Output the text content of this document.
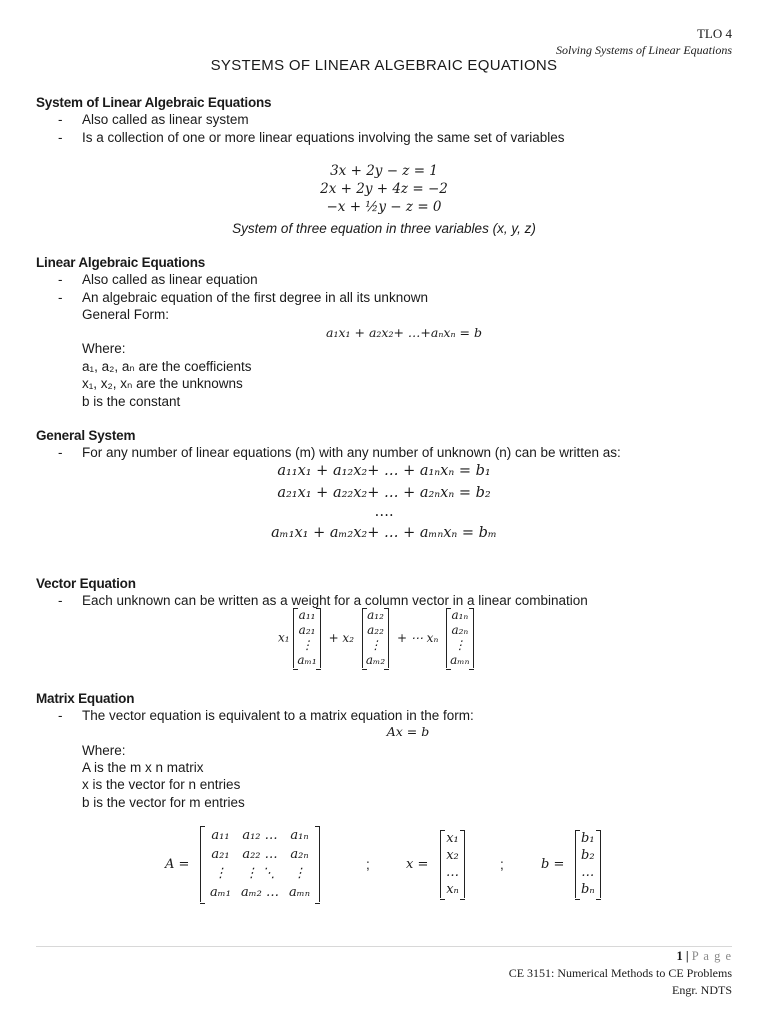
TLO 4
Solving Systems of Linear Equations
SYSTEMS OF LINEAR ALGEBRAIC EQUATIONS
System of Linear Algebraic Equations
- Also called as linear system
- Is a collection of one or more linear equations involving the same set of variables
3x + 2y − z = 1
2x + 2y + 4z = −2
−x + ½y − z = 0
System of three equation in three variables (x, y, z)
Linear Algebraic Equations
- Also called as linear equation
- An algebraic equation of the first degree in all its unknown
General Form:
a₁x₁ + a₂x₂+ …+aₙxₙ = b
Where:
a₁, a₂, aₙ are the coefficients
x₁, x₂, xₙ are the unknowns
b is the constant
General System
- For any number of linear equations (m) with any number of unknown (n) can be written as:
a₁₁x₁ + a₁₂x₂+ … + a₁ₙxₙ = b₁
a₂₁x₁ + a₂₂x₂+ … + a₂ₙxₙ = b₂
….
aₘ₁x₁ + aₘ₂x₂+ … + aₘₙxₙ = bₘ
Vector Equation
- Each unknown can be written as a weight for a column vector in a linear combination
x₁
a₁₁
a₂₁
⋮
aₘ₁
+ x₂
a₁₂
a₂₂
⋮
aₘ₂
+ ⋯ xₙ
a₁ₙ
a₂ₙ
⋮
aₘₙ
Matrix Equation
- The vector equation is equivalent to a matrix equation in the form:
Ax = b
Where:
A is the m x n matrix
x is the vector for n entries
b is the vector for m entries
A =
a₁₁	a₁₂ …	a₁ₙ
a₂₁	a₂₂ …	a₂ₙ
⋮	⋮ ⋱	⋮
aₘ₁	aₘ₂ …	aₘₙ
;	x =
x₁
x₂
…
xₙ
;	b =
b₁
b₂
…
bₙ
1 | P a g e
CE 3151: Numerical Methods to CE Problems
Engr. NDTS
